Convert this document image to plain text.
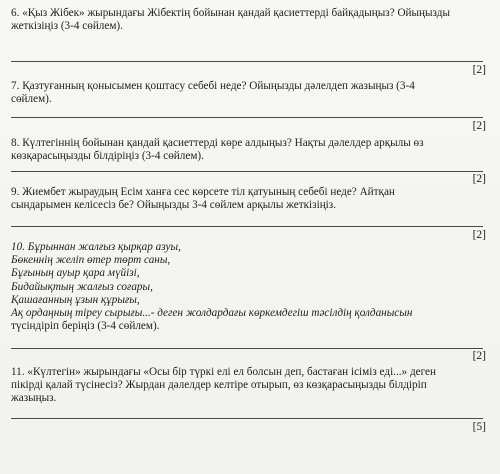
6. «Қыз Жібек» жырындағы Жібектің бойынан қандай қасиеттерді байқадыңыз? Ойыңызды

жеткізіңіз (3-4 сөйлем).

[2]

7. Қазтуғанның қонысымен қоштасу себебі неде? Ойыңызды дәлелдеп жазыңыз (3-4

сөйлем).

[2]

8. Күлтегіннің бойынан қандай қасиеттерді көре алдыңыз? Нақты дәлелдер арқылы өз

көзқарасыңызды білдіріңіз (3-4 сөйлем).

[2]

9. Жиембет жыраудың Есім ханға сес көрсете тіл қатуының себебі неде? Айтқан

сындарымен келісесіз бе? Ойыңызды 3-4 сөйлем арқылы жеткізіңіз.

[2]

10. Бұрыннан жалғыз қырқар азуы,

Бөкеннің желіп өтер төрт саны,

Бұғының ауыр қара мүйізі,

Бидайықтың жалғыз соғары,

Қашағанның ұзын құрығы,

Ақ ордаңның тіреу сырығы...- деген жолдардағы көркемдегіш тәсілдің қолданысын

түсіндіріп беріңіз (3-4 сөйлем).

[2]

11. «Күлтегін» жырындағы «Осы бір түркі елі ел болсын деп, бастаған ісіміз еді...» деген

пікірді қалай түсінесіз? Жырдан дәлелдер келтіре отырып, өз көзқарасыңызды білдіріп

жазыңыз.

[5]
